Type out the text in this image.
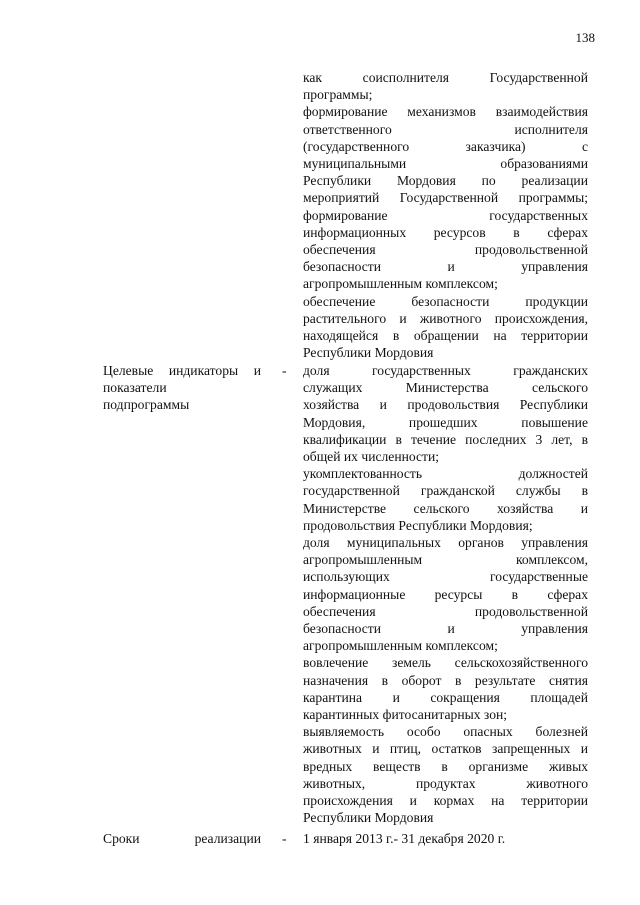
138

как соисполнителя Государственной

программы;

формирование механизмов взаимодействия

ответственного исполнителя

(государственного заказчика) с

муниципальными образованиями

Республики Мордовия по реализации

мероприятий Государственной программы;

формирование государственных

информационных ресурсов в сферах

обеспечения продовольственной

безопасности и управления

агропромышленным комплексом;

обеспечение безопасности продукции

растительного и животного происхождения,

находящейся в обращении на территории

Республики Мордовия

Целевые индикаторы и

показатели

подпрограммы

- доля государственных гражданских

служащих Министерства сельского

хозяйства и продовольствия Республики

Мордовия, прошедших повышение

квалификации в течение последних 3 лет, в

общей их численности;

укомплектованность должностей

государственной гражданской службы в

Министерстве сельского хозяйства и

продовольствия Республики Мордовия;

доля муниципальных органов управления

агропромышленным комплексом,

использующих государственные

информационные ресурсы в сферах

обеспечения продовольственной

безопасности и управления

агропромышленным комплексом;

вовлечение земель сельскохозяйственного

назначения в оборот в результате снятия

карантина и сокращения площадей

карантинных фитосанитарных зон;

выявляемость особо опасных болезней

животных и птиц, остатков запрещенных и

вредных веществ в организме живых

животных, продуктах животного

происхождения и кормах на территории

Республики Мордовия

Сроки реализации - 1 января 2013 г.- 31 декабря 2020 г.
